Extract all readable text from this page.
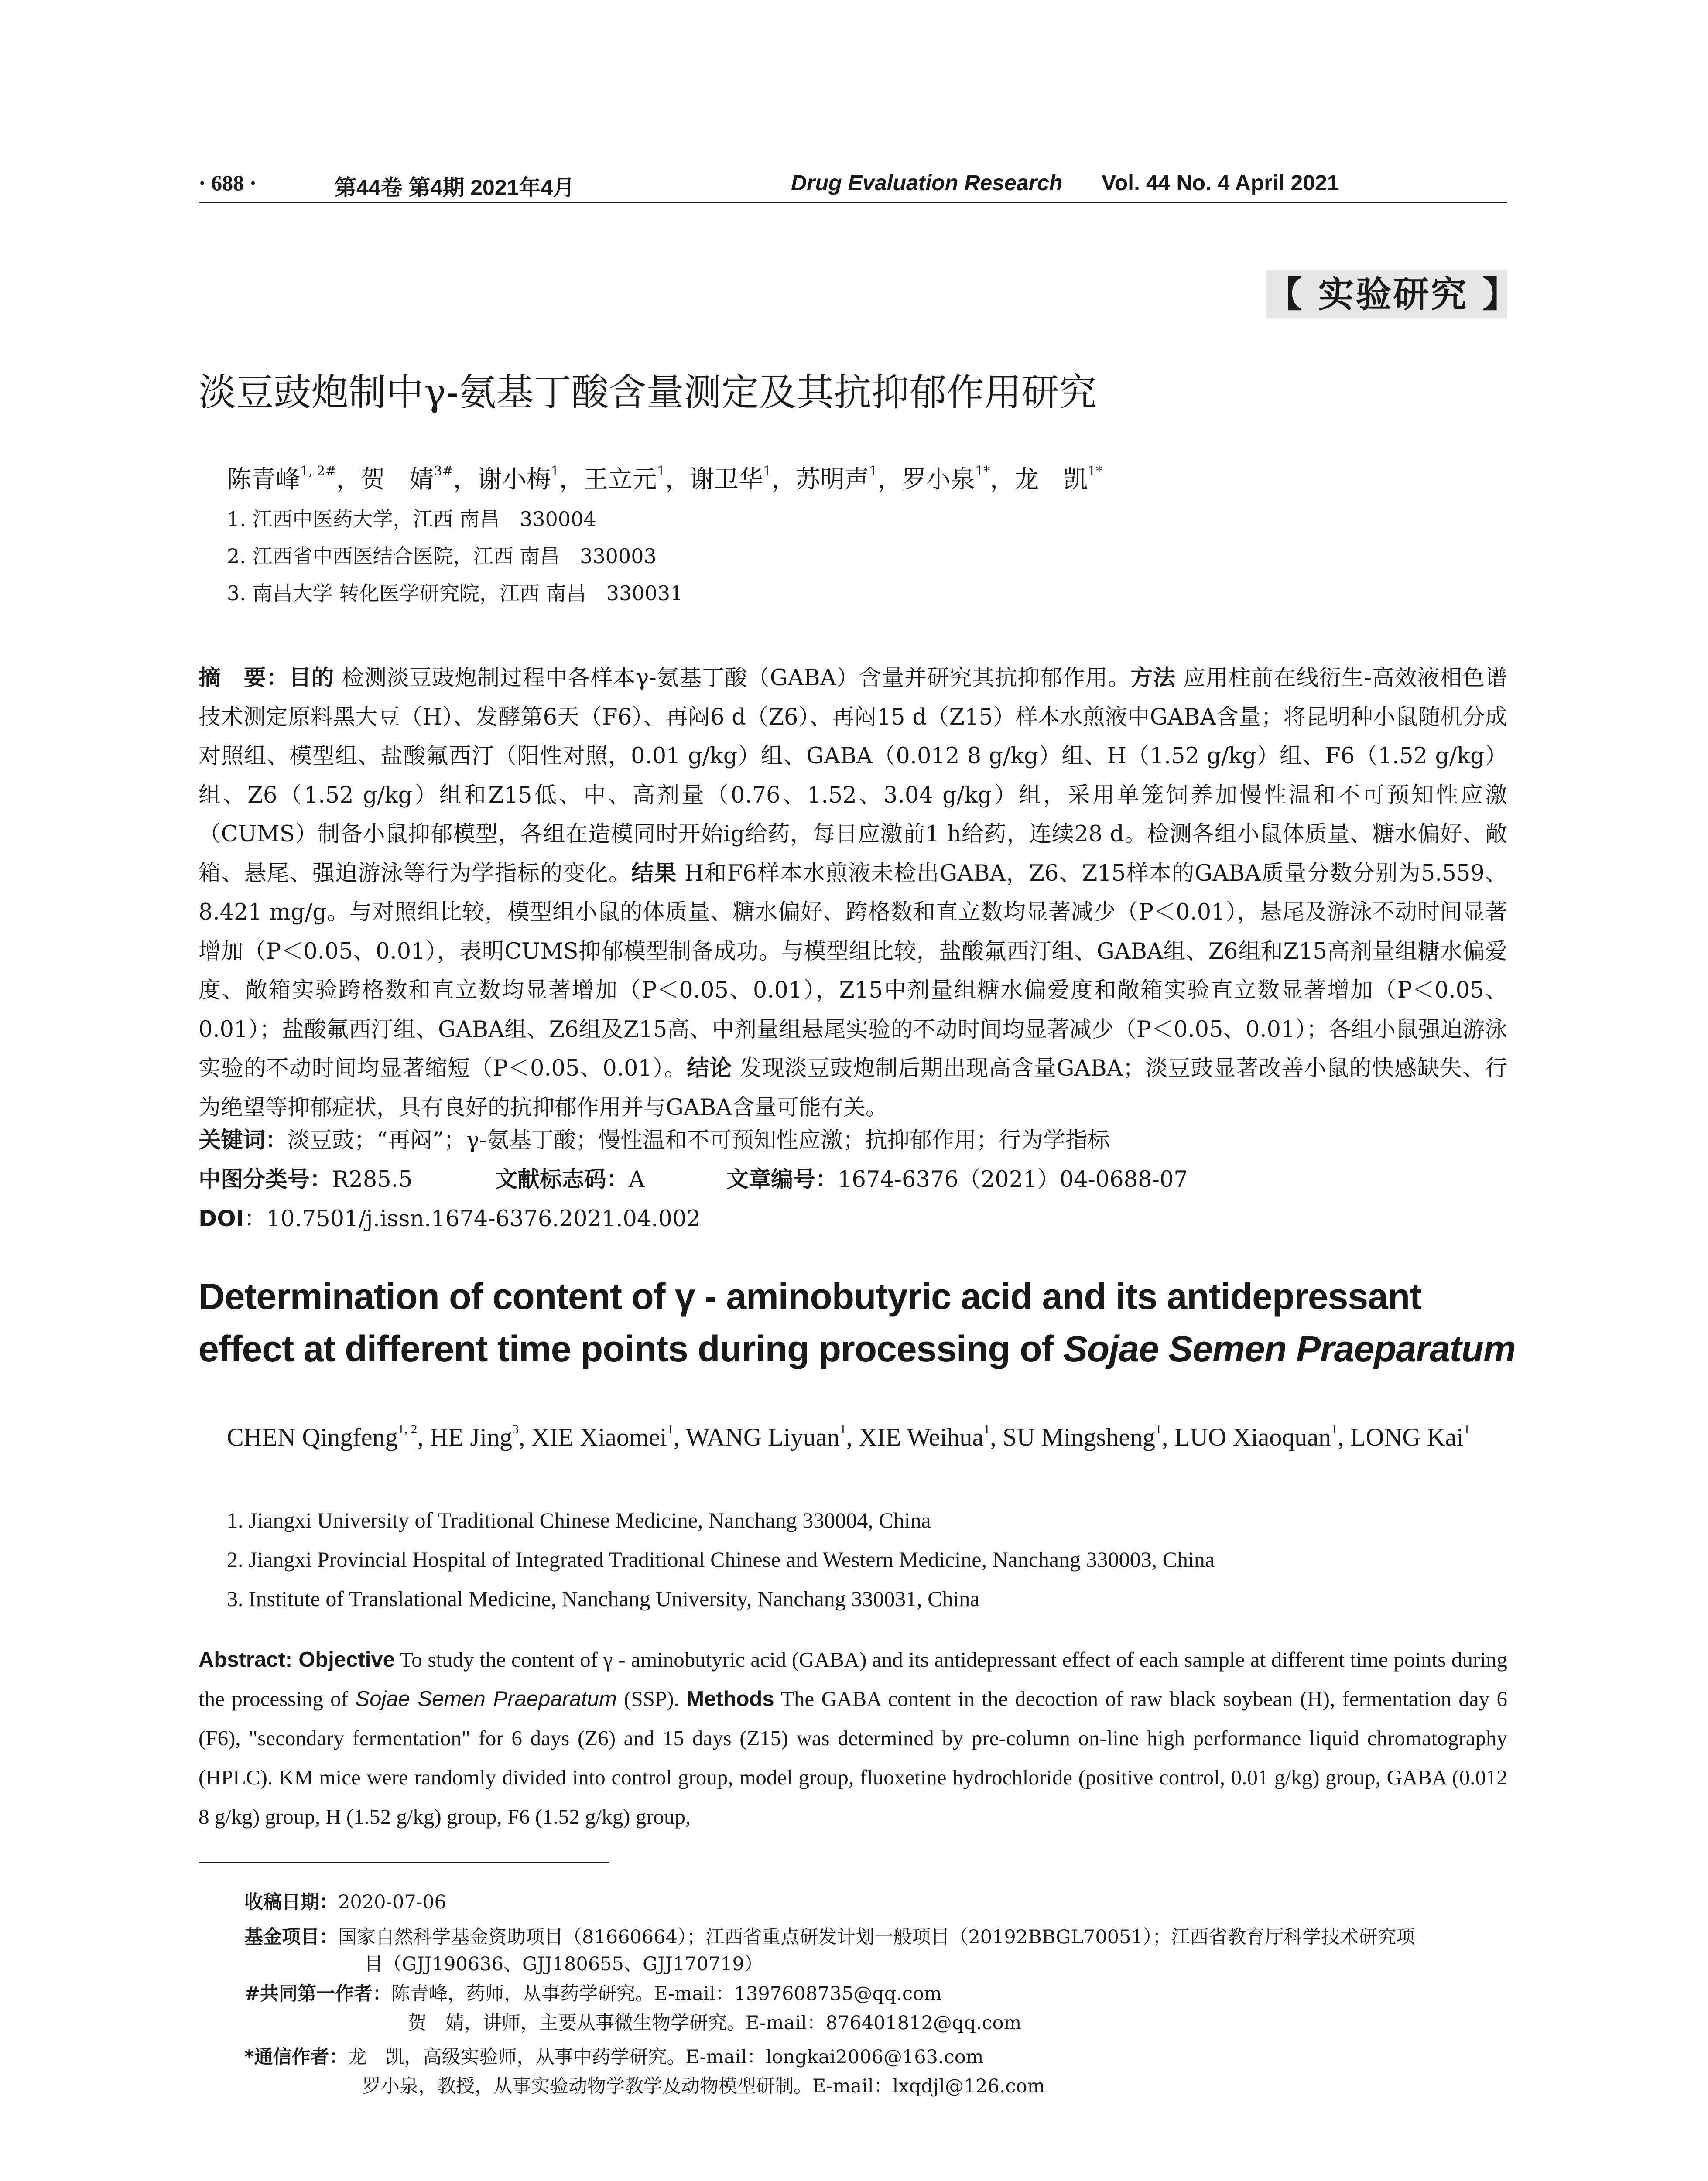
· 688 ·	第44卷 第4期 2021年4月	Drug Evaluation Research Vol. 44 No. 4 April 2021
【 实验研究 】
淡豆豉炮制中γ-氨基丁酸含量测定及其抗抑郁作用研究
陈青峰$^{1, 2\#}$，贺　婧$^{3\#}$，谢小梅$^1$，王立元$^1$，谢卫华$^1$，苏明声$^1$，罗小泉$^{1*}$，龙　凯$^{1*}$
1. 江西中医药大学，江西 南昌　330004
2. 江西省中西医结合医院，江西 南昌　330003
3. 南昌大学 转化医学研究院，江西 南昌　330031
摘　要：目的 检测淡豆豉炮制过程中各样本γ-氨基丁酸（GABA）含量并研究其抗抑郁作用。方法 应用柱前在线衍生-高效液相色谱技术测定原料黑大豆（H）、发酵第6天（F6）、再闷6 d（Z6）、再闷15 d（Z15）样本水煎液中GABA含量；将昆明种小鼠随机分成对照组、模型组、盐酸氟西汀（阳性对照，0.01 g/kg）组、GABA（0.012 8 g/kg）组、H（1.52 g/kg）组、F6（1.52 g/kg）组、Z6（1.52 g/kg）组和Z15低、中、高剂量（0.76、1.52、3.04 g/kg）组，采用单笼饲养加慢性温和不可预知性应激（CUMS）制备小鼠抑郁模型，各组在造模同时开始ig给药，每日应激前1 h给药，连续28 d。检测各组小鼠体质量、糖水偏好、敞箱、悬尾、强迫游泳等行为学指标的变化。结果 H和F6样本水煎液未检出GABA，Z6、Z15样本的GABA质量分数分别为5.559、8.421 mg/g。与对照组比较，模型组小鼠的体质量、糖水偏好、跨格数和直立数均显著减少（P＜0.01），悬尾及游泳不动时间显著增加（P＜0.05、0.01），表明CUMS抑郁模型制备成功。与模型组比较，盐酸氟西汀组、GABA组、Z6组和Z15高剂量组糖水偏爱度、敞箱实验跨格数和直立数均显著增加（P＜0.05、0.01），Z15中剂量组糖水偏爱度和敞箱实验直立数显著增加（P＜0.05、0.01）；盐酸氟西汀组、GABA组、Z6组及Z15高、中剂量组悬尾实验的不动时间均显著减少（P＜0.05、0.01）；各组小鼠强迫游泳实验的不动时间均显著缩短（P＜0.05、0.01）。结论 发现淡豆豉炮制后期出现高含量GABA；淡豆豉显著改善小鼠的快感缺失、行为绝望等抑郁症状，具有良好的抗抑郁作用并与GABA含量可能有关。
关键词：淡豆豉；“再闷”；γ-氨基丁酸；慢性温和不可预知性应激；抗抑郁作用；行为学指标
中图分类号： R285.5	文献标志码： A	文章编号： 1674-6376（2021）04-0688-07
DOI：10.7501/j.issn.1674-6376.2021.04.002
Determination of content of γ - aminobutyric acid and its antidepressant effect at different time points during processing of Sojae Semen Praeparatum
CHEN Qingfeng$^{1, 2}$, HE Jing$^3$, XIE Xiaomei$^1$, WANG Liyuan$^1$, XIE Weihua$^1$, SU Mingsheng$^1$, LUO Xiaoquan$^1$, LONG Kai$^1$
1. Jiangxi University of Traditional Chinese Medicine, Nanchang 330004, China
2. Jiangxi Provincial Hospital of Integrated Traditional Chinese and Western Medicine, Nanchang 330003, China
3. Institute of Translational Medicine, Nanchang University, Nanchang 330031, China
Abstract: Objective To study the content of γ - aminobutyric acid (GABA) and its antidepressant effect of each sample at different time points during the processing of Sojae Semen Praeparatum (SSP). Methods The GABA content in the decoction of raw black soybean (H), fermentation day 6 (F6), "secondary fermentation" for 6 days (Z6) and 15 days (Z15) was determined by pre-column on-line high performance liquid chromatography (HPLC). KM mice were randomly divided into control group, model group, fluoxetine hydrochloride (positive control, 0.01 g/kg) group, GABA (0.012 8 g/kg) group, H (1.52 g/kg) group, F6 (1.52 g/kg) group,
收稿日期：2020-07-06
基金项目：国家自然科学基金资助项目（81660664）；江西省重点研发计划一般项目（20192BBGL70051）；江西省教育厅科学技术研究项
目（GJJ190636、GJJ180655、GJJ170719）
#共同第一作者：陈青峰，药师，从事药学研究。E-mail：1397608735@qq.com
贺　婧，讲师，主要从事微生物学研究。E-mail：876401812@qq.com
*通信作者：龙　凯，高级实验师，从事中药学研究。E-mail：longkai2006@163.com
罗小泉，教授，从事实验动物学教学及动物模型研制。E-mail：lxqdjl@126.com
